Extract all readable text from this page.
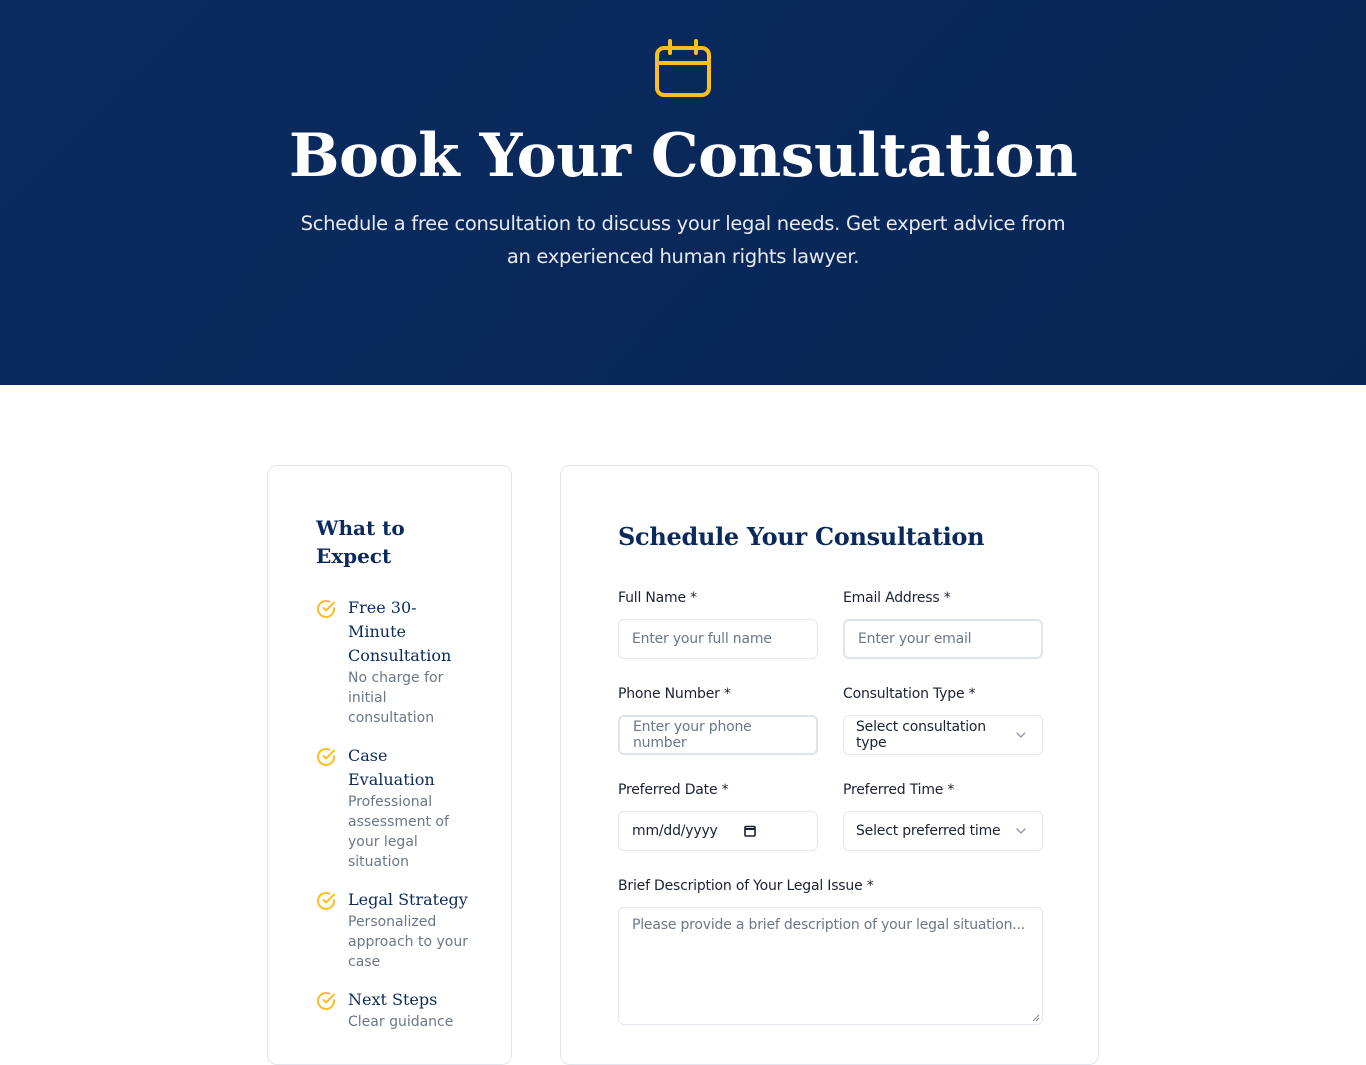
Book Your Consultation

Schedule a free consultation to discuss your legal needs. Get expert advice from an experienced human rights lawyer.

What to Expect
Free 30-Minute Consultation
No charge for initial consultation
Case Evaluation
Professional assessment of your legal situation
Legal Strategy
Personalized approach to your case
Next Steps
Clear guidance
Schedule Your Consultation
Full Name *
Enter your full name
Email Address *
Enter your email
Phone Number *
Enter your phone number
Consultation Type *
Select consultation type
Preferred Date *
mm/dd/yyyy
Preferred Time *
Select preferred time
Brief Description of Your Legal Issue *
Please provide a brief description of your legal situation...
